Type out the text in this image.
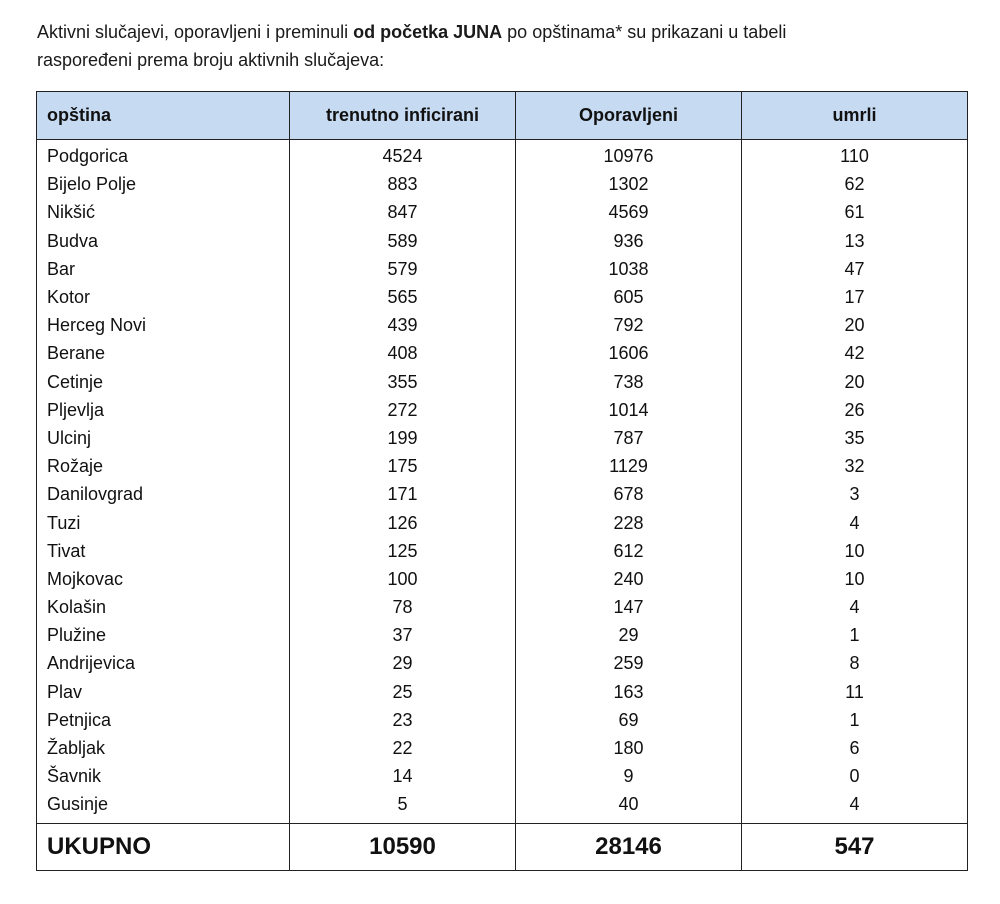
Aktivni slučajevi, oporavljeni i preminuli od početka JUNA po opštinama* su prikazani u tabeli
raspoređeni prema broju aktivnih slučajeva:
opština	trenutno inficirani	Oporavljeni	umrli
Podgorica	4524	10976	110
Bijelo Polje	883	1302	62
Nikšić	847	4569	61
Budva	589	936	13
Bar	579	1038	47
Kotor	565	605	17
Herceg Novi	439	792	20
Berane	408	1606	42
Cetinje	355	738	20
Pljevlja	272	1014	26
Ulcinj	199	787	35
Rožaje	175	1129	32
Danilovgrad	171	678	3
Tuzi	126	228	4
Tivat	125	612	10
Mojkovac	100	240	10
Kolašin	78	147	4
Plužine	37	29	1
Andrijevica	29	259	8
Plav	25	163	11
Petnjica	23	69	1
Žabljak	22	180	6
Šavnik	14	9	0
Gusinje	5	40	4

UKUPNO	10590	28146	547
